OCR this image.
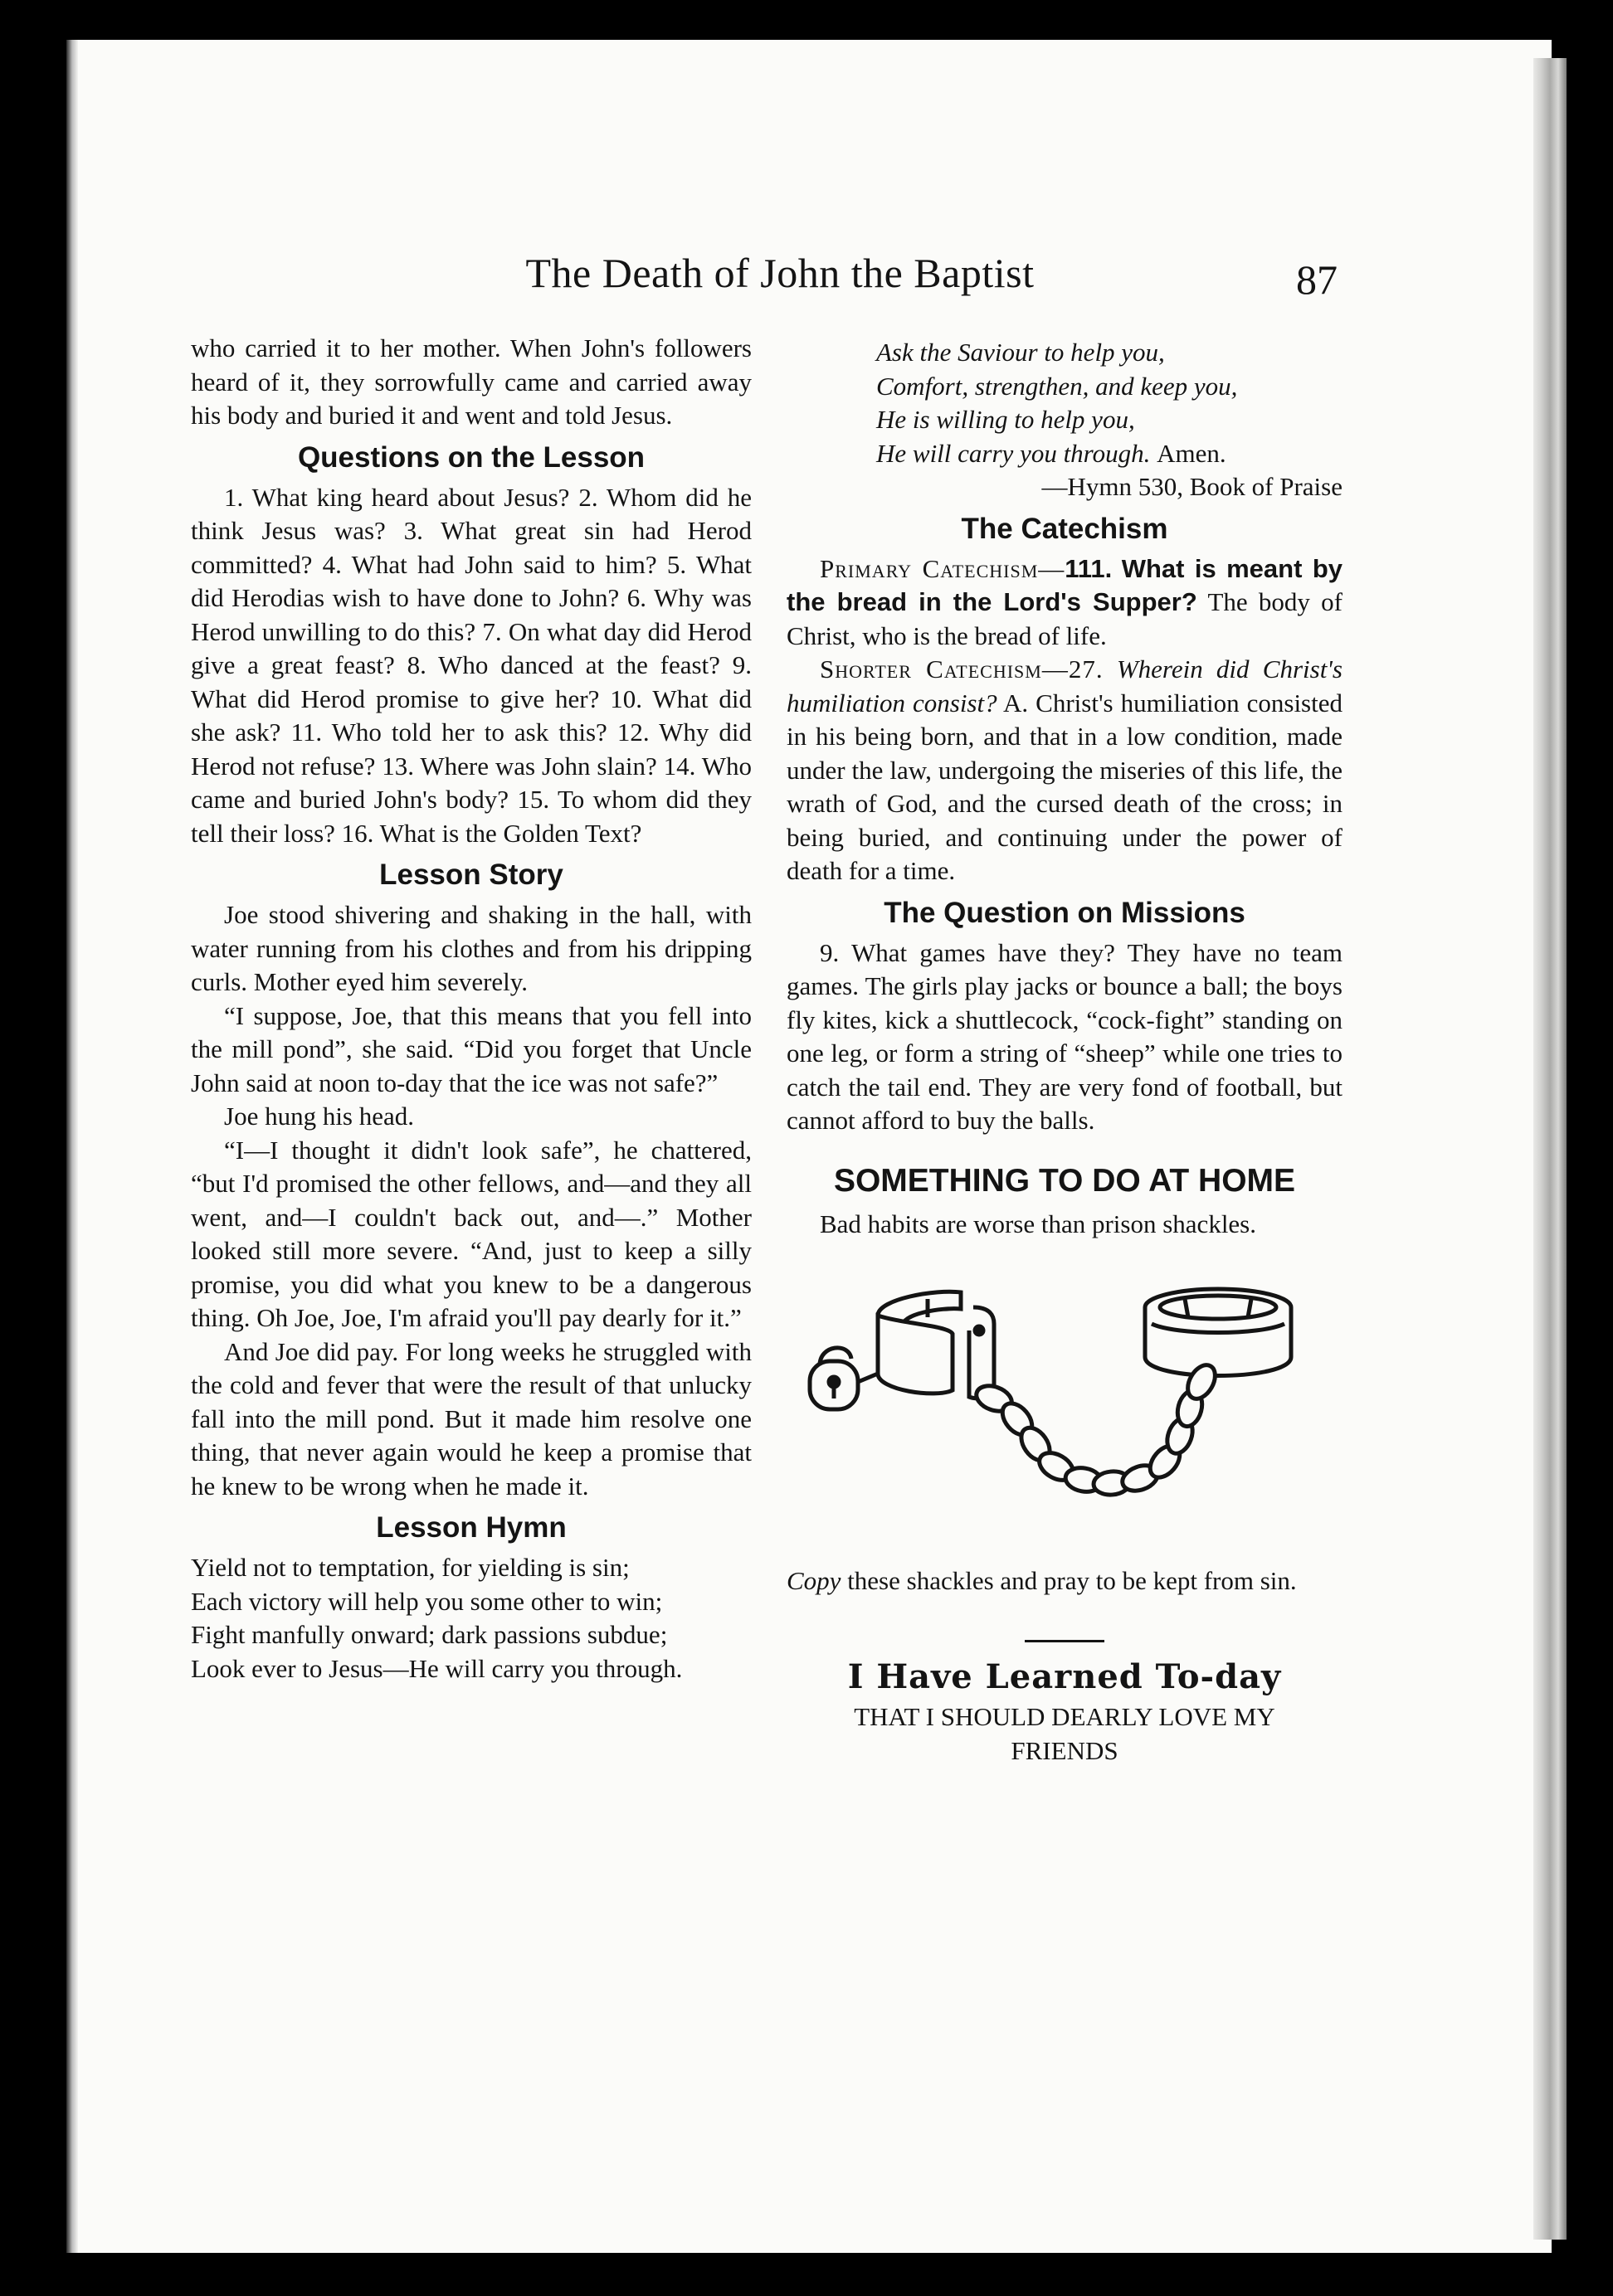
The Death of John the Baptist	87

who carried it to her mother. When John's followers heard of it, they sorrowfully came and carried away his body and buried it and went and told Jesus.

Questions on the Lesson

1. What king heard about Jesus? 2. Whom did he think Jesus was? 3. What great sin had Herod committed? 4. What had John said to him? 5. What did Herodias wish to have done to John? 6. Why was Herod unwilling to do this? 7. On what day did Herod give a great feast? 8. Who danced at the feast? 9. What did Herod promise to give her? 10. What did she ask? 11. Who told her to ask this? 12. Why did Herod not refuse? 13. Where was John slain? 14. Who came and buried John's body? 15. To whom did they tell their loss? 16. What is the Golden Text?

Lesson Story

Joe stood shivering and shaking in the hall, with water running from his clothes and from his dripping curls. Mother eyed him severely.

“I suppose, Joe, that this means that you fell into the mill pond”, she said. “Did you forget that Uncle John said at noon to-day that the ice was not safe?”

Joe hung his head.

“I—I thought it didn't look safe”, he chattered, “but I'd promised the other fellows, and—and they all went, and—I couldn't back out, and—.” Mother looked still more severe. “And, just to keep a silly promise, you did what you knew to be a dangerous thing. Oh Joe, Joe, I'm afraid you'll pay dearly for it.”

And Joe did pay. For long weeks he struggled with the cold and fever that were the result of that unlucky fall into the mill pond. But it made him resolve one thing, that never again would he keep a promise that he knew to be wrong when he made it.

Lesson Hymn

Yield not to temptation, for yielding is sin;

Each victory will help you some other to win;

Fight manfully onward; dark passions subdue;

Look ever to Jesus—He will carry you through.

Ask the Saviour to help you,

Comfort, strengthen, and keep you,

He is willing to help you,

He will carry you through. Amen.

—Hymn 530, Book of Praise

The Catechism

Primary Catechism—111. What is meant by the bread in the Lord's Supper? The body of Christ, who is the bread of life.

Shorter Catechism—27. Wherein did Christ's humiliation consist? A. Christ's humiliation consisted in his being born, and that in a low condition, made under the law, undergoing the miseries of this life, the wrath of God, and the cursed death of the cross; in being buried, and continuing under the power of death for a time.

The Question on Missions

9. What games have they? They have no team games. The girls play jacks or bounce a ball; the boys fly kites, kick a shuttlecock, “cock-fight” standing on one leg, or form a string of “sheep” while one tries to catch the tail end. They are very fond of football, but cannot afford to buy the balls.

SOMETHING TO DO AT HOME

Bad habits are worse than prison shackles.

Copy these shackles and pray to be kept from sin.

I Have Learned To-day

THAT I SHOULD DEARLY LOVE MY FRIENDS
